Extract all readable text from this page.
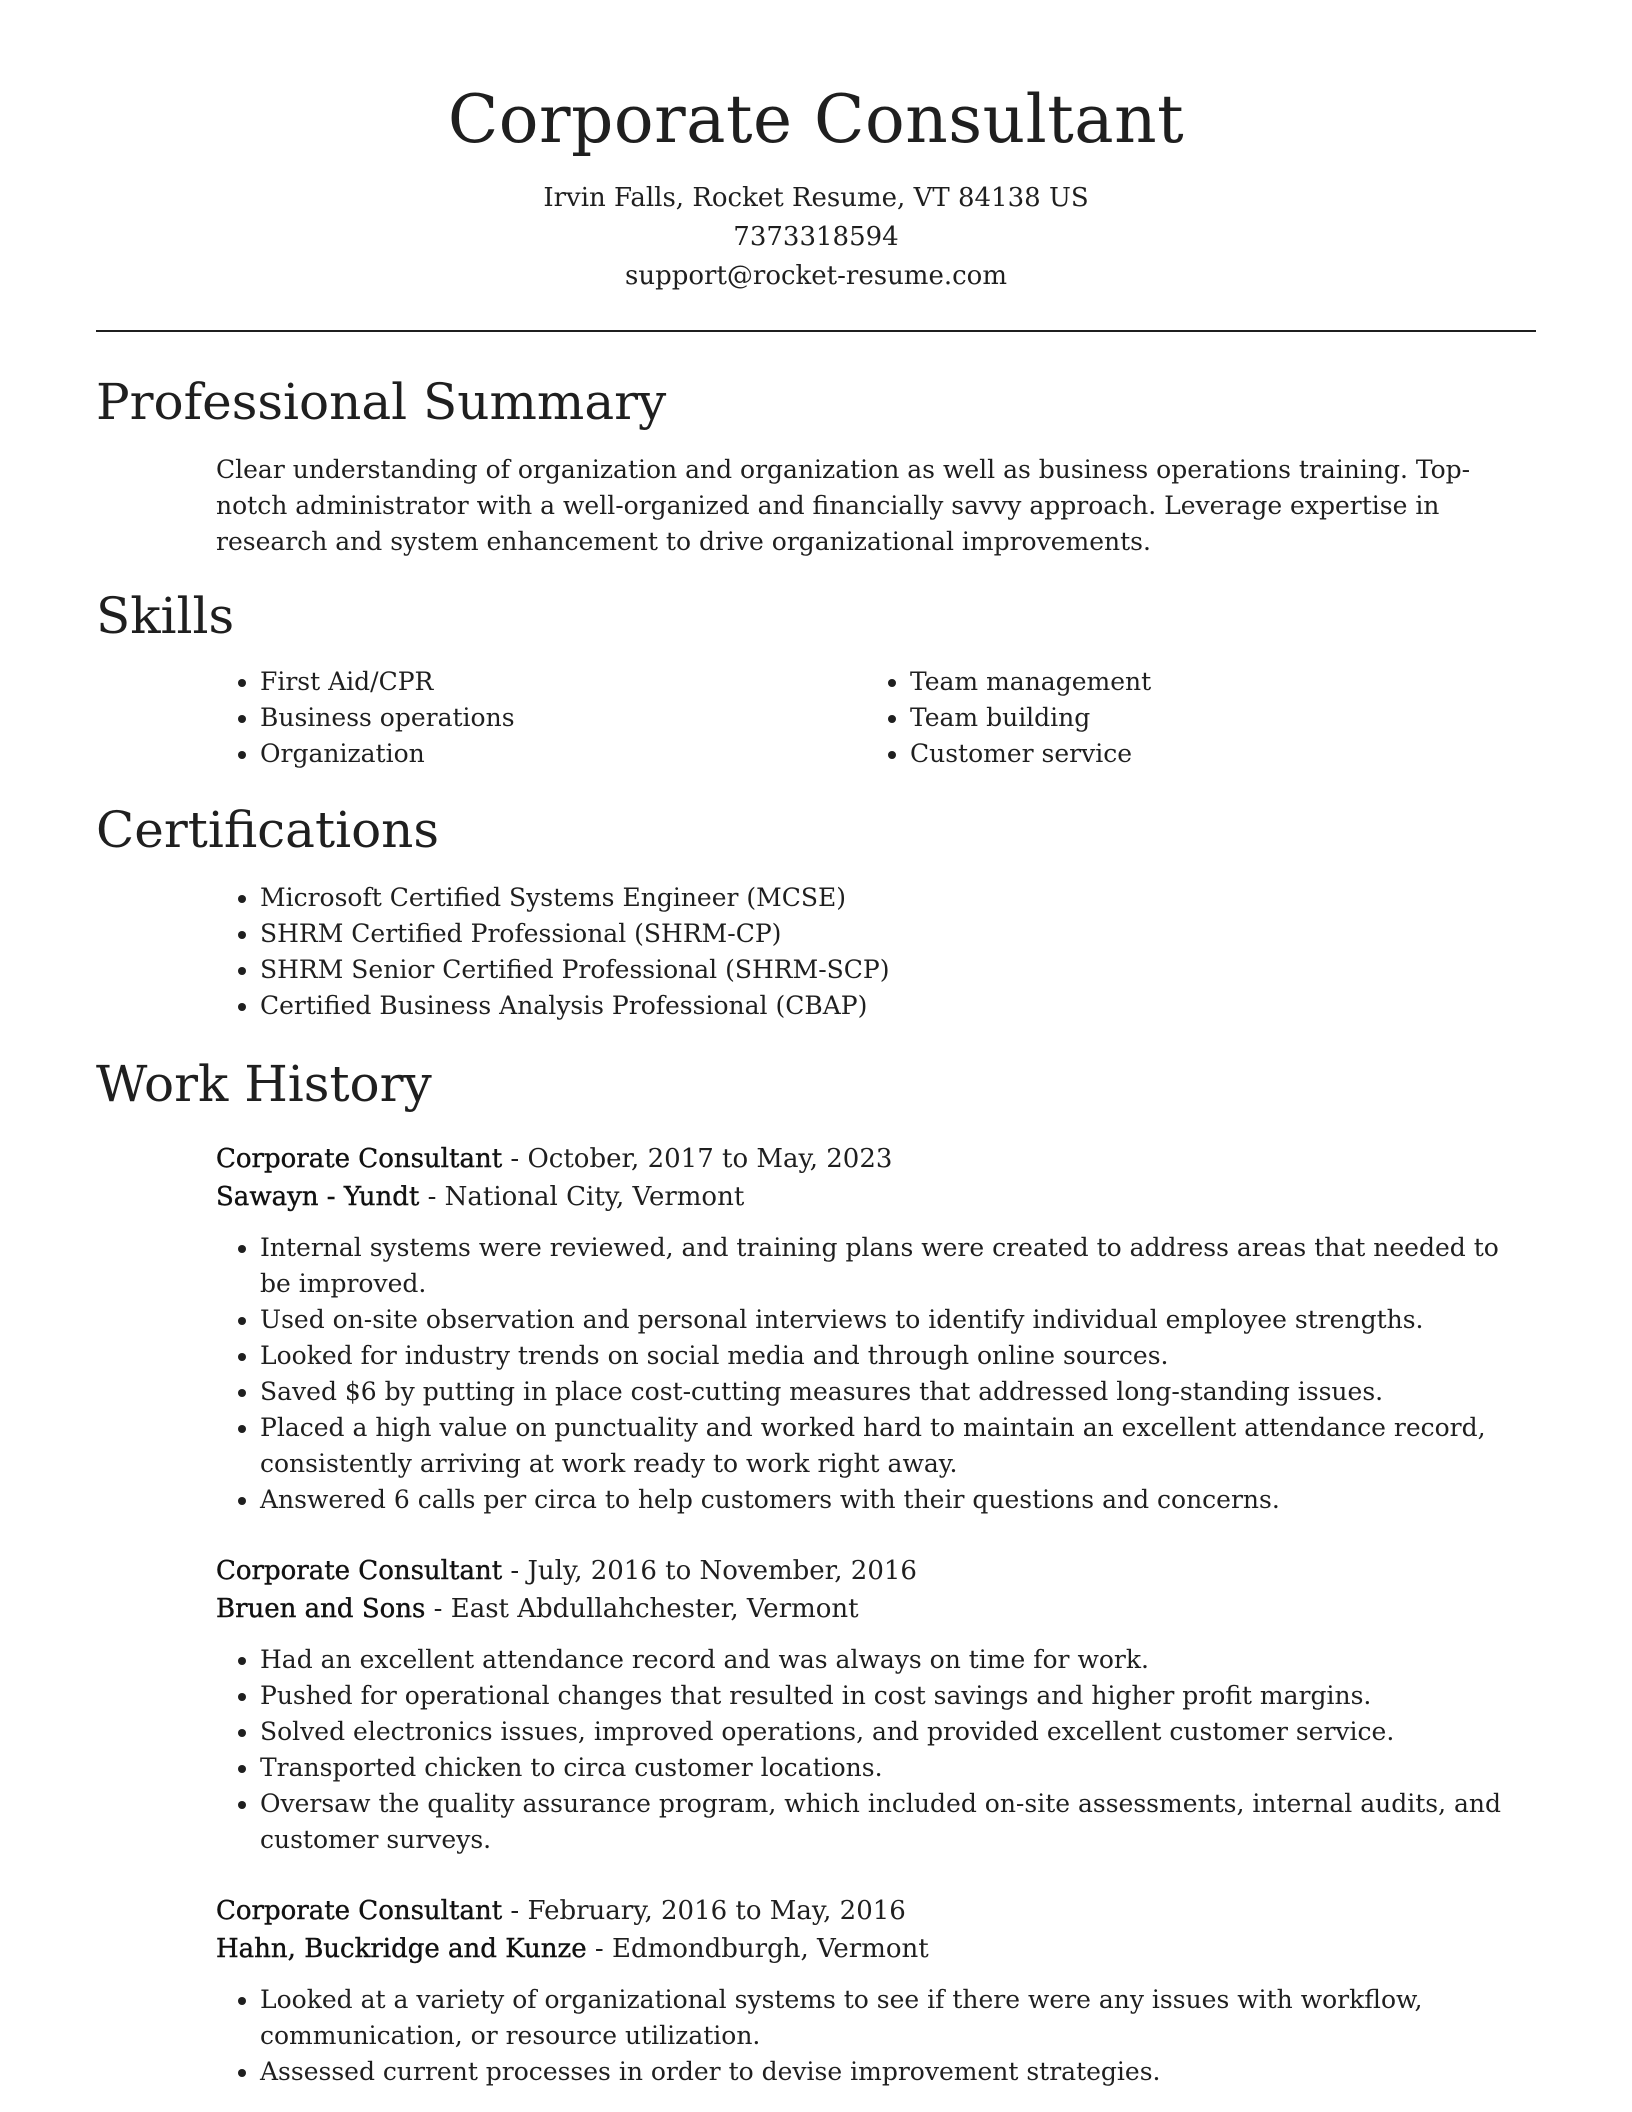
Corporate Consultant
Irvin Falls, Rocket Resume, VT 84138 US
7373318594
support@rocket-resume.com
Professional Summary

Clear understanding of organization and organization as well as business operations training. Top-notch administrator with a well-organized and financially savvy approach. Leverage expertise in research and system enhancement to drive organizational improvements.

Skills
• First Aid/CPR
• Business operations
• Organization
• Team management
• Team building
• Customer service
Certifications
• Microsoft Certified Systems Engineer (MCSE)
• SHRM Certified Professional (SHRM-CP)
• SHRM Senior Certified Professional (SHRM-SCP)
• Certified Business Analysis Professional (CBAP)
Work History
Corporate Consultant - October, 2017 to May, 2023
Sawayn - Yundt - National City, Vermont
• Internal systems were reviewed, and training plans were created to address areas that needed to be improved.
• Used on-site observation and personal interviews to identify individual employee strengths.
• Looked for industry trends on social media and through online sources.
• Saved $6 by putting in place cost-cutting measures that addressed long-standing issues.
• Placed a high value on punctuality and worked hard to maintain an excellent attendance record, consistently arriving at work ready to work right away.
• Answered 6 calls per circa to help customers with their questions and concerns.
Corporate Consultant - July, 2016 to November, 2016
Bruen and Sons - East Abdullahchester, Vermont
• Had an excellent attendance record and was always on time for work.
• Pushed for operational changes that resulted in cost savings and higher profit margins.
• Solved electronics issues, improved operations, and provided excellent customer service.
• Transported chicken to circa customer locations.
• Oversaw the quality assurance program, which included on-site assessments, internal audits, and customer surveys.
Corporate Consultant - February, 2016 to May, 2016
Hahn, Buckridge and Kunze - Edmondburgh, Vermont
• Looked at a variety of organizational systems to see if there were any issues with workflow, communication, or resource utilization.
• Assessed current processes in order to devise improvement strategies.
